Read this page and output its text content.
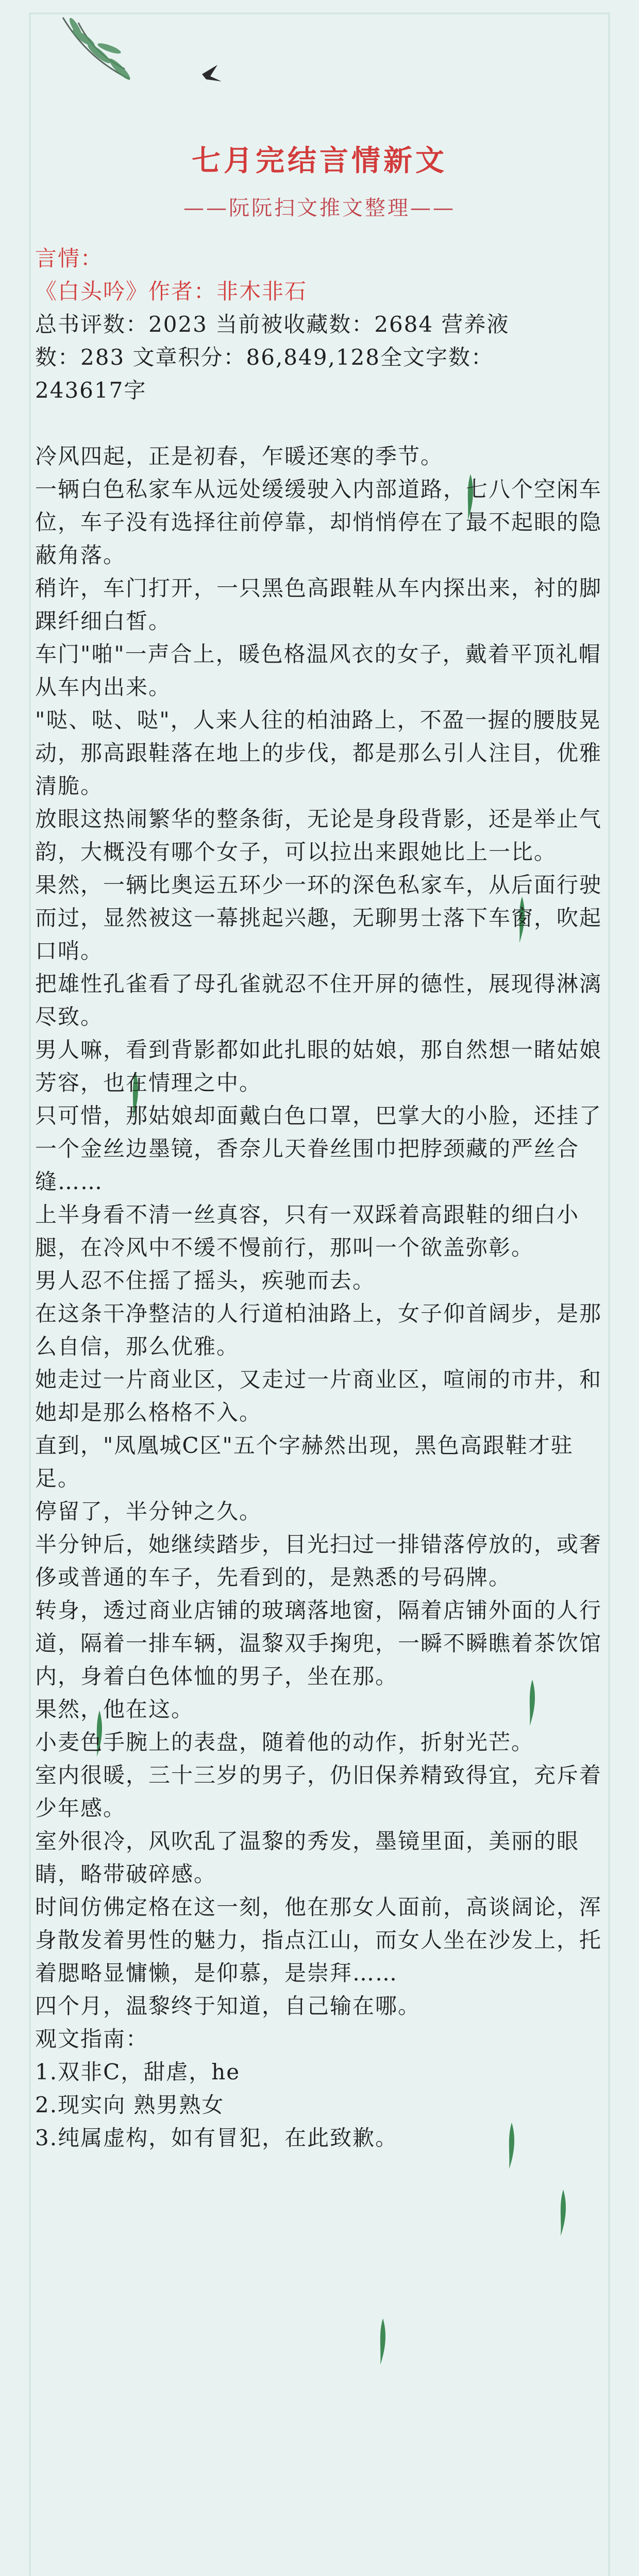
七月完结言情新文
——阮阮扫文推文整理——

言情：

《白头吟》作者：非木非石

总书评数：2023 当前被收藏数：2684 营养液

数：283 文章积分：86,849,128全文字数：

243617字

冷风四起，正是初春，乍暖还寒的季节。

一辆白色私家车从远处缓缓驶入内部道路，七八个空闲车位，车子没有选择往前停靠，却悄悄停在了最不起眼的隐蔽角落。

稍许，车门打开，一只黑色高跟鞋从车内探出来，衬的脚踝纤细白皙。

车门"啪"一声合上，暖色格温风衣的女子，戴着平顶礼帽从车内出来。

"哒、哒、哒"，人来人往的柏油路上，不盈一握的腰肢晃动，那高跟鞋落在地上的步伐，都是那么引人注目，优雅清脆。

放眼这热闹繁华的整条街，无论是身段背影，还是举止气韵，大概没有哪个女子，可以拉出来跟她比上一比。

果然，一辆比奥运五环少一环的深色私家车，从后面行驶而过，显然被这一幕挑起兴趣，无聊男士落下车窗，吹起口哨。

把雄性孔雀看了母孔雀就忍不住开屏的德性，展现得淋漓尽致。

男人嘛，看到背影都如此扎眼的姑娘，那自然想一睹姑娘芳容，也在情理之中。

只可惜，那姑娘却面戴白色口罩，巴掌大的小脸，还挂了一个金丝边墨镜，香奈儿天眷丝围巾把脖颈藏的严丝合缝……

上半身看不清一丝真容，只有一双踩着高跟鞋的细白小腿，在冷风中不缓不慢前行，那叫一个欲盖弥彰。

男人忍不住摇了摇头，疾驰而去。

在这条干净整洁的人行道柏油路上，女子仰首阔步，是那么自信，那么优雅。

她走过一片商业区，又走过一片商业区，喧闹的市井，和她却是那么格格不入。

直到，"凤凰城C区"五个字赫然出现，黑色高跟鞋才驻足。

停留了，半分钟之久。

半分钟后，她继续踏步，目光扫过一排错落停放的，或奢侈或普通的车子，先看到的，是熟悉的号码牌。

转身，透过商业店铺的玻璃落地窗，隔着店铺外面的人行道，隔着一排车辆，温黎双手掬兜，一瞬不瞬瞧着茶饮馆内，身着白色体恤的男子，坐在那。

果然，他在这。

小麦色手腕上的表盘，随着他的动作，折射光芒。

室内很暖，三十三岁的男子，仍旧保养精致得宜，充斥着少年感。

室外很冷，风吹乱了温黎的秀发，墨镜里面，美丽的眼睛，略带破碎感。

时间仿佛定格在这一刻，他在那女人面前，高谈阔论，浑身散发着男性的魅力，指点江山，而女人坐在沙发上，托着腮略显慵懒，是仰慕，是崇拜……

四个月，温黎终于知道，自己输在哪。

观文指南：

1.双非C，甜虐，he

2.现实向 熟男熟女

3.纯属虚构，如有冒犯，在此致歉。
